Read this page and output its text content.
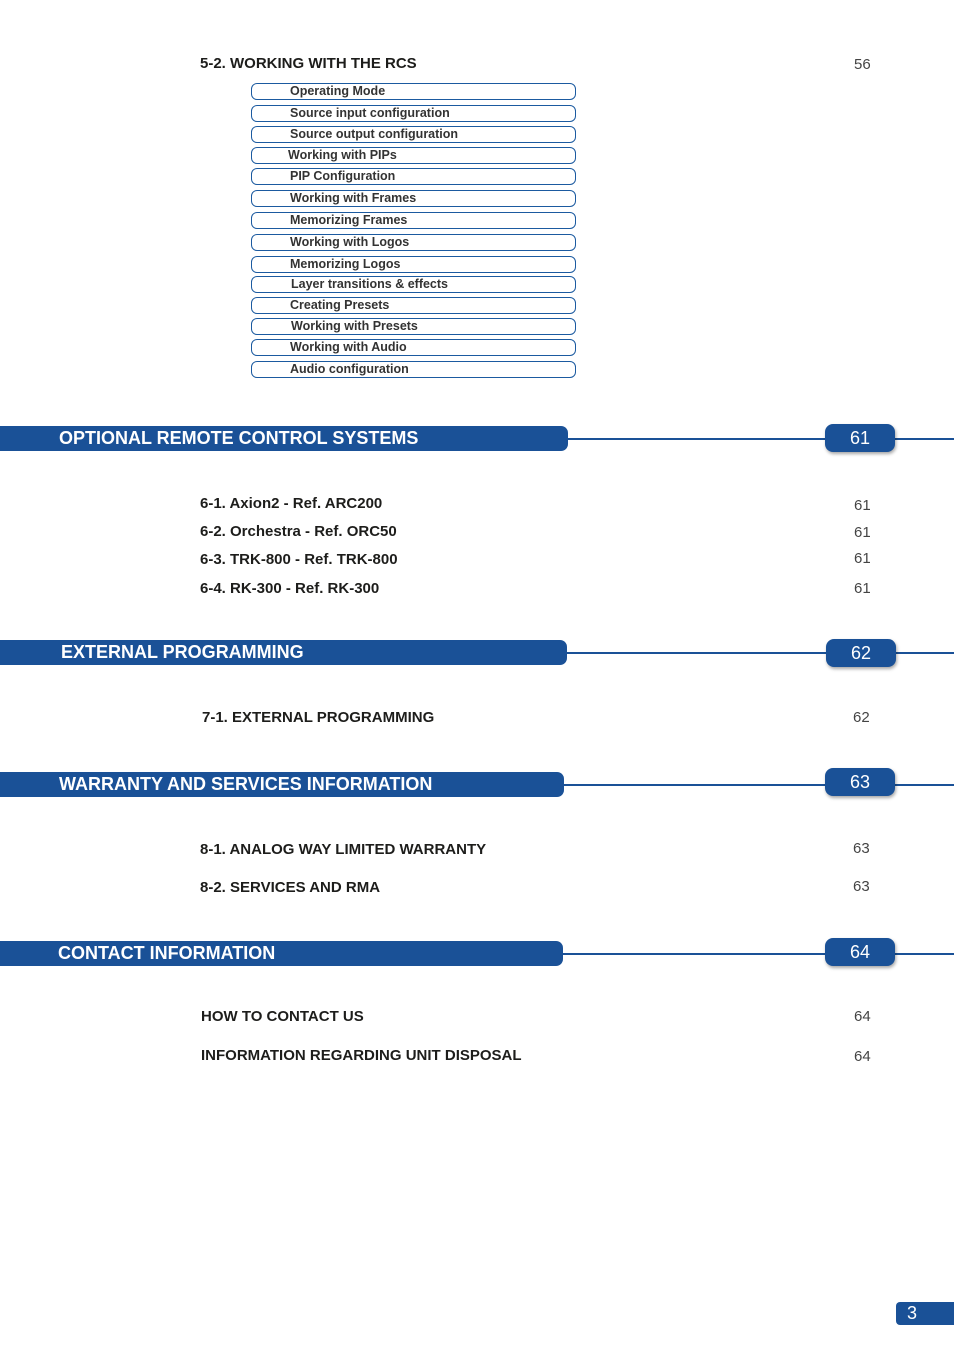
5-2. WORKING WITH THE RCS	56
Operating Mode
Source input configuration
Source output configuration
Working with PIPs
PIP Configuration
Working with Frames
Memorizing Frames
Working with Logos
Memorizing Logos
Layer transitions & effects
Creating Presets
Working with Presets
Working with Audio
Audio configuration
OPTIONAL REMOTE CONTROL SYSTEMS	61
6-1. Axion2 - Ref. ARC200	61
6-2. Orchestra - Ref. ORC50	61
6-3. TRK-800 - Ref. TRK-800	61
6-4. RK-300 - Ref. RK-300	61
EXTERNAL PROGRAMMING	62
7-1. EXTERNAL PROGRAMMING	62
WARRANTY AND SERVICES INFORMATION	63
8-1. ANALOG WAY LIMITED WARRANTY	63
8-2. SERVICES AND RMA	63
CONTACT INFORMATION	64
HOW TO CONTACT US	64
INFORMATION REGARDING UNIT DISPOSAL	64
3
